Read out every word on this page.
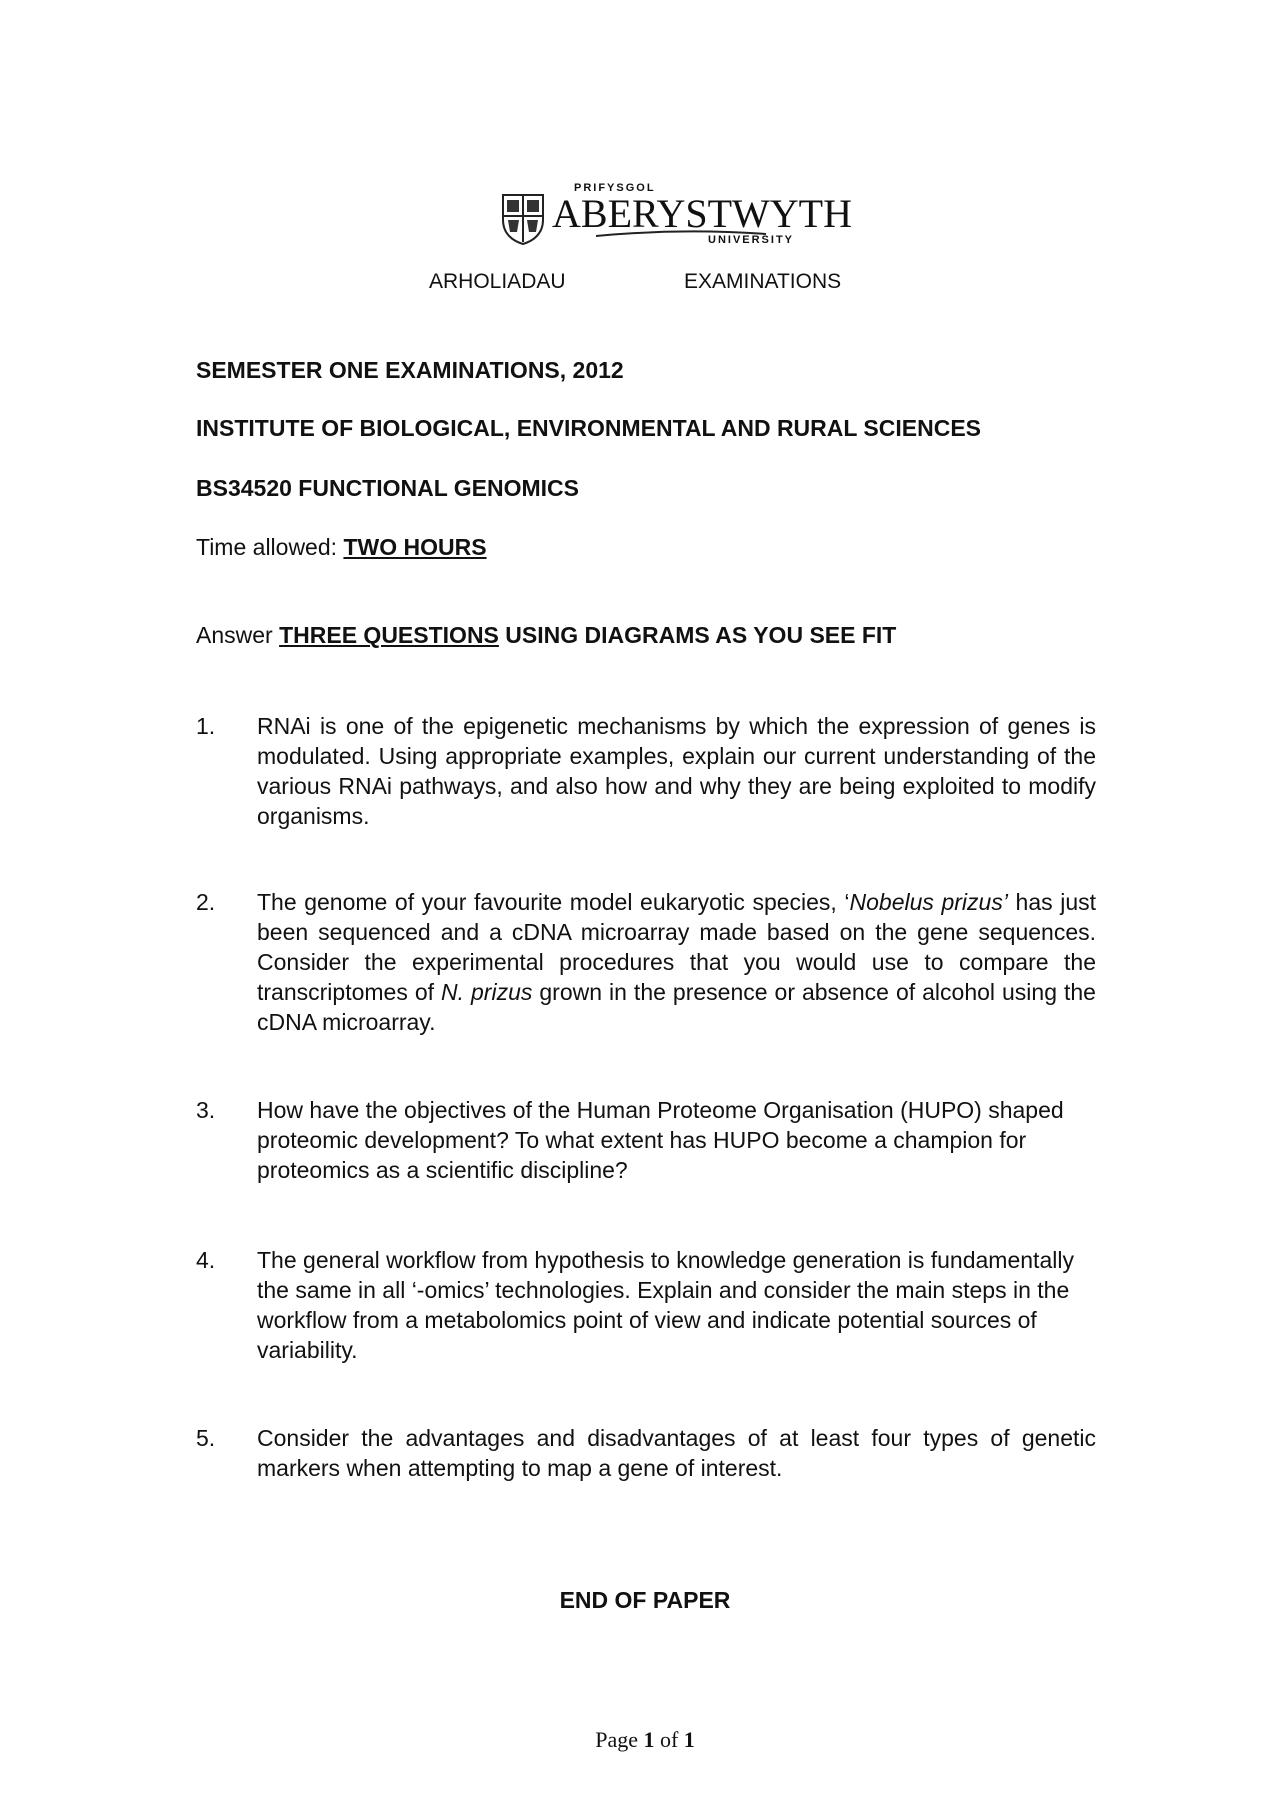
PRIFYSGOL
ABERYSTWYTH
UNIVERSITY
ARHOLIADAU	EXAMINATIONS
SEMESTER ONE EXAMINATIONS, 2012
INSTITUTE OF BIOLOGICAL, ENVIRONMENTAL AND RURAL SCIENCES
BS34520 FUNCTIONAL GENOMICS
Time allowed: TWO HOURS
Answer THREE QUESTIONS USING DIAGRAMS AS YOU SEE FIT
1. RNAi is one of the epigenetic mechanisms by which the expression of genes is modulated. Using appropriate examples, explain our current understanding of the various RNAi pathways, and also how and why they are being exploited to modify organisms.
2. The genome of your favourite model eukaryotic species, ‘Nobelus prizus’ has just been sequenced and a cDNA microarray made based on the gene sequences. Consider the experimental procedures that you would use to compare the transcriptomes of N. prizus grown in the presence or absence of alcohol using the cDNA microarray.
3. How have the objectives of the Human Proteome Organisation (HUPO) shaped proteomic development? To what extent has HUPO become a champion for proteomics as a scientific discipline?
4. The general workflow from hypothesis to knowledge generation is fundamentally the same in all ‘-omics’ technologies. Explain and consider the main steps in the workflow from a metabolomics point of view and indicate potential sources of variability.
5. Consider the advantages and disadvantages of at least four types of genetic markers when attempting to map a gene of interest.
END OF PAPER
Page 1 of 1
